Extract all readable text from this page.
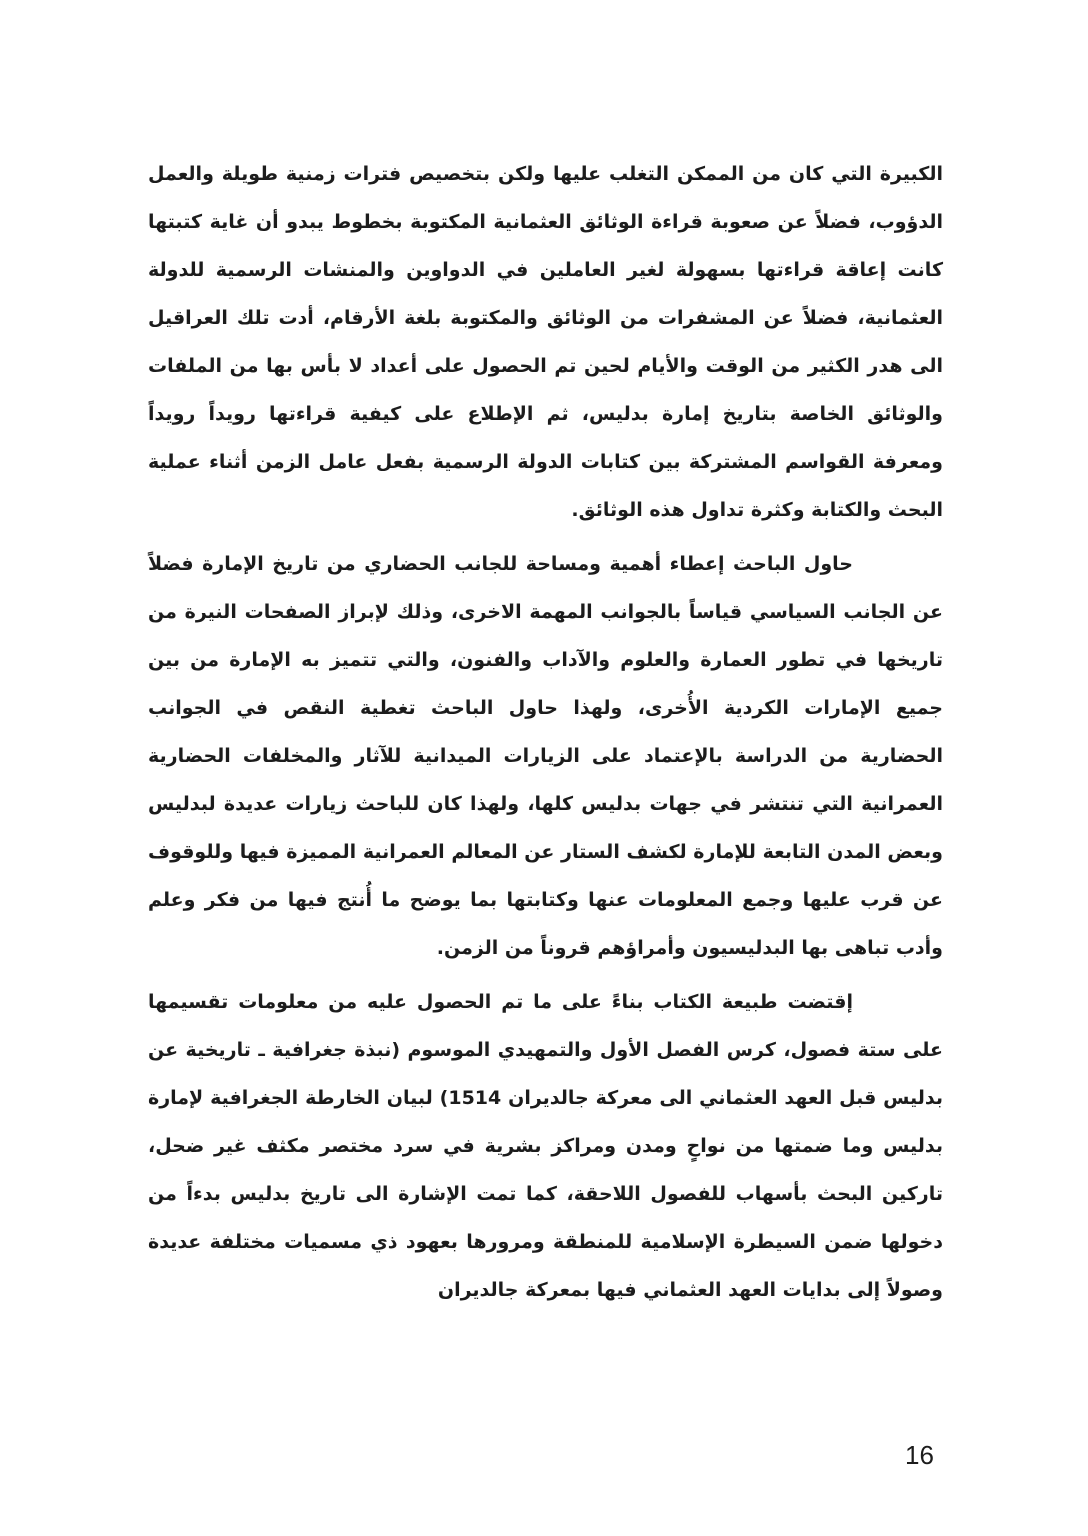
الكبيرة التي كان من الممكن التغلب عليها ولكن بتخصيص فترات زمنية طويلة والعمل الدؤوب، فضلاً عن صعوبة قراءة الوثائق العثمانية المكتوبة بخطوط يبدو أن غاية كتبتها كانت إعاقة قراءتها بسهولة لغير العاملين في الدواوين والمنشات الرسمية للدولة العثمانية، فضلاً عن المشفرات من الوثائق والمكتوبة بلغة الأرقام، أدت تلك العراقيل الى هدر الكثير من الوقت والأيام لحين تم الحصول على أعداد لا بأس بها من الملفات والوثائق الخاصة بتاريخ إمارة بدليس، ثم الإطلاع على كيفية قراءتها رويداً رويداً ومعرفة القواسم المشتركة بين كتابات الدولة الرسمية بفعل عامل الزمن أثناء عملية البحث والكتابة وكثرة تداول هذه الوثائق.

حاول الباحث إعطاء أهمية ومساحة للجانب الحضاري من تاريخ الإمارة فضلاً عن الجانب السياسي قياساً بالجوانب المهمة الاخرى، وذلك لإبراز الصفحات النيرة من تاريخها في تطور العمارة والعلوم والآداب والفنون، والتي تتميز به الإمارة من بين جميع الإمارات الكردية الأُخرى، ولهذا حاول الباحث تغطية النقص في الجوانب الحضارية من الدراسة بالإعتماد على الزيارات الميدانية للآثار والمخلفات الحضارية العمرانية التي تنتشر في جهات بدليس كلها، ولهذا كان للباحث زيارات عديدة لبدليس وبعض المدن التابعة للإمارة لكشف الستار عن المعالم العمرانية المميزة فيها وللوقوف عن قرب عليها وجمع المعلومات عنها وكتابتها بما يوضح ما أُنتج فيها من فكر وعلم وأدب تباهى بها البدليسيون وأمراؤهم قروناً من الزمن.

إقتضت طبيعة الكتاب بناءً على ما تم الحصول عليه من معلومات تقسيمها على ستة فصول، كرس الفصل الأول والتمهيدي الموسوم (نبذة جغرافية ـ تاريخية عن بدليس قبل العهد العثماني الى معركة جالديران 1514) لبيان الخارطة الجغرافية لإمارة بدليس وما ضمتها من نواحٍ ومدن ومراكز بشرية في سرد مختصر مكثف غير ضحل، تاركين البحث بأسهاب للفصول اللاحقة، كما تمت الإشارة الى تاريخ بدليس بدءاً من دخولها ضمن السيطرة الإسلامية للمنطقة ومرورها بعهود ذي مسميات مختلفة عديدة وصولاً إلى بدايات العهد العثماني فيها بمعركة جالديران

16
